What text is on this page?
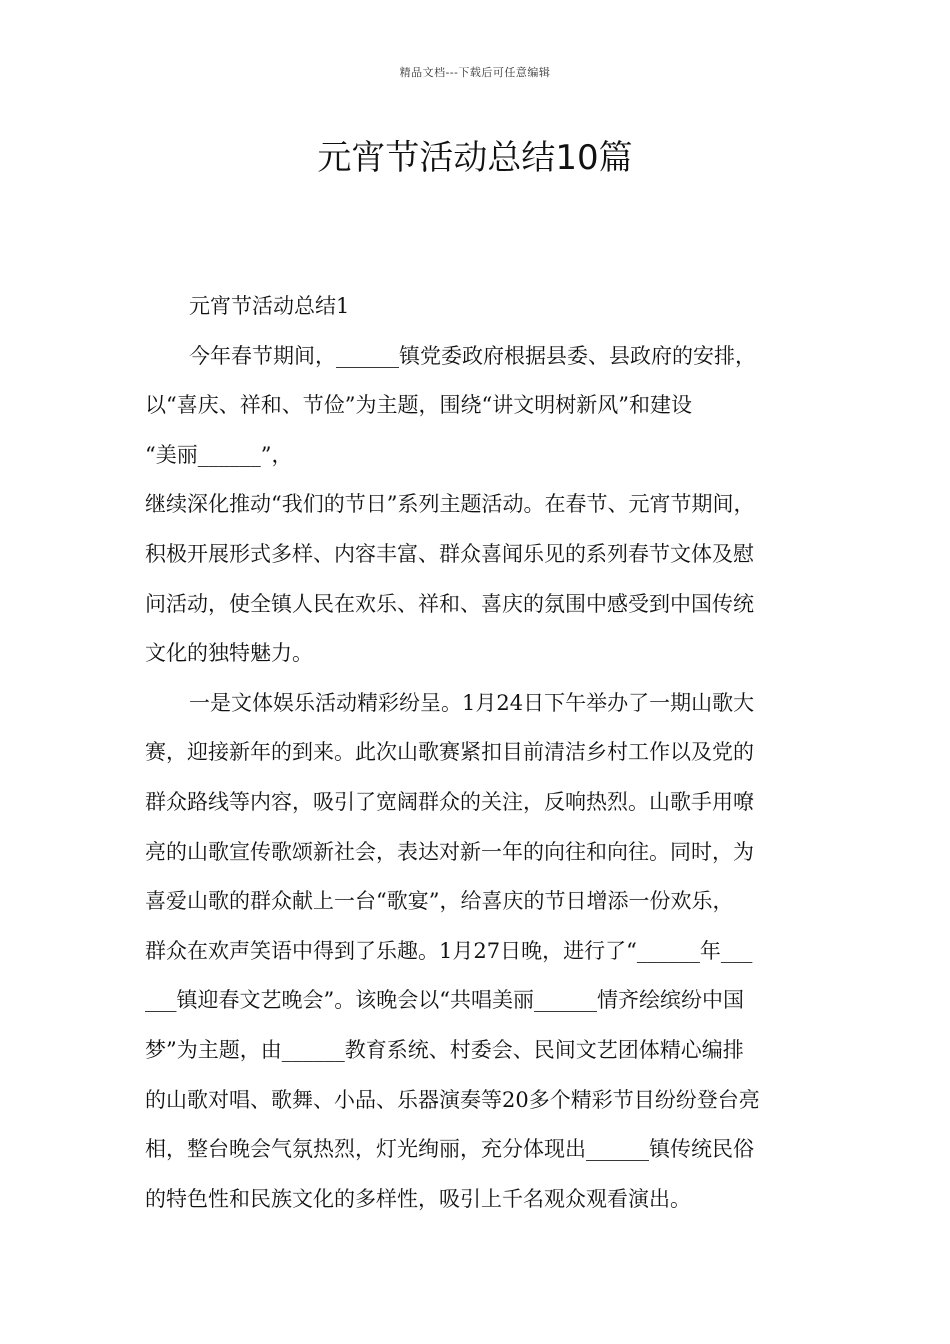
精品文档---下载后可任意编辑
元宵节活动总结10篇
元宵节活动总结1
今年春节期间，______镇党委政府根据县委、县政府的安排，
以“喜庆、祥和、节俭”为主题，围绕“讲文明树新风”和建设
“美丽______”，
继续深化推动“我们的节日”系列主题活动。在春节、元宵节期间，
积极开展形式多样、内容丰富、群众喜闻乐见的系列春节文体及慰
问活动，使全镇人民在欢乐、祥和、喜庆的氛围中感受到中国传统
文化的独特魅力。
一是文体娱乐活动精彩纷呈。1月24日下午举办了一期山歌大
赛，迎接新年的到来。此次山歌赛紧扣目前清洁乡村工作以及党的
群众路线等内容，吸引了宽阔群众的关注，反响热烈。山歌手用嘹
亮的山歌宣传歌颂新社会，表达对新一年的向往和向往。同时，为
喜爱山歌的群众献上一台“歌宴”，给喜庆的节日增添一份欢乐，
群众在欢声笑语中得到了乐趣。1月27日晚，进行了“______年___
___镇迎春文艺晚会”。该晚会以“共唱美丽______情齐绘缤纷中国
梦”为主题，由______教育系统、村委会、民间文艺团体精心编排
的山歌对唱、歌舞、小品、乐器演奏等20多个精彩节目纷纷登台亮
相，整台晚会气氛热烈，灯光绚丽，充分体现出______镇传统民俗
的特色性和民族文化的多样性，吸引上千名观众观看演出。
